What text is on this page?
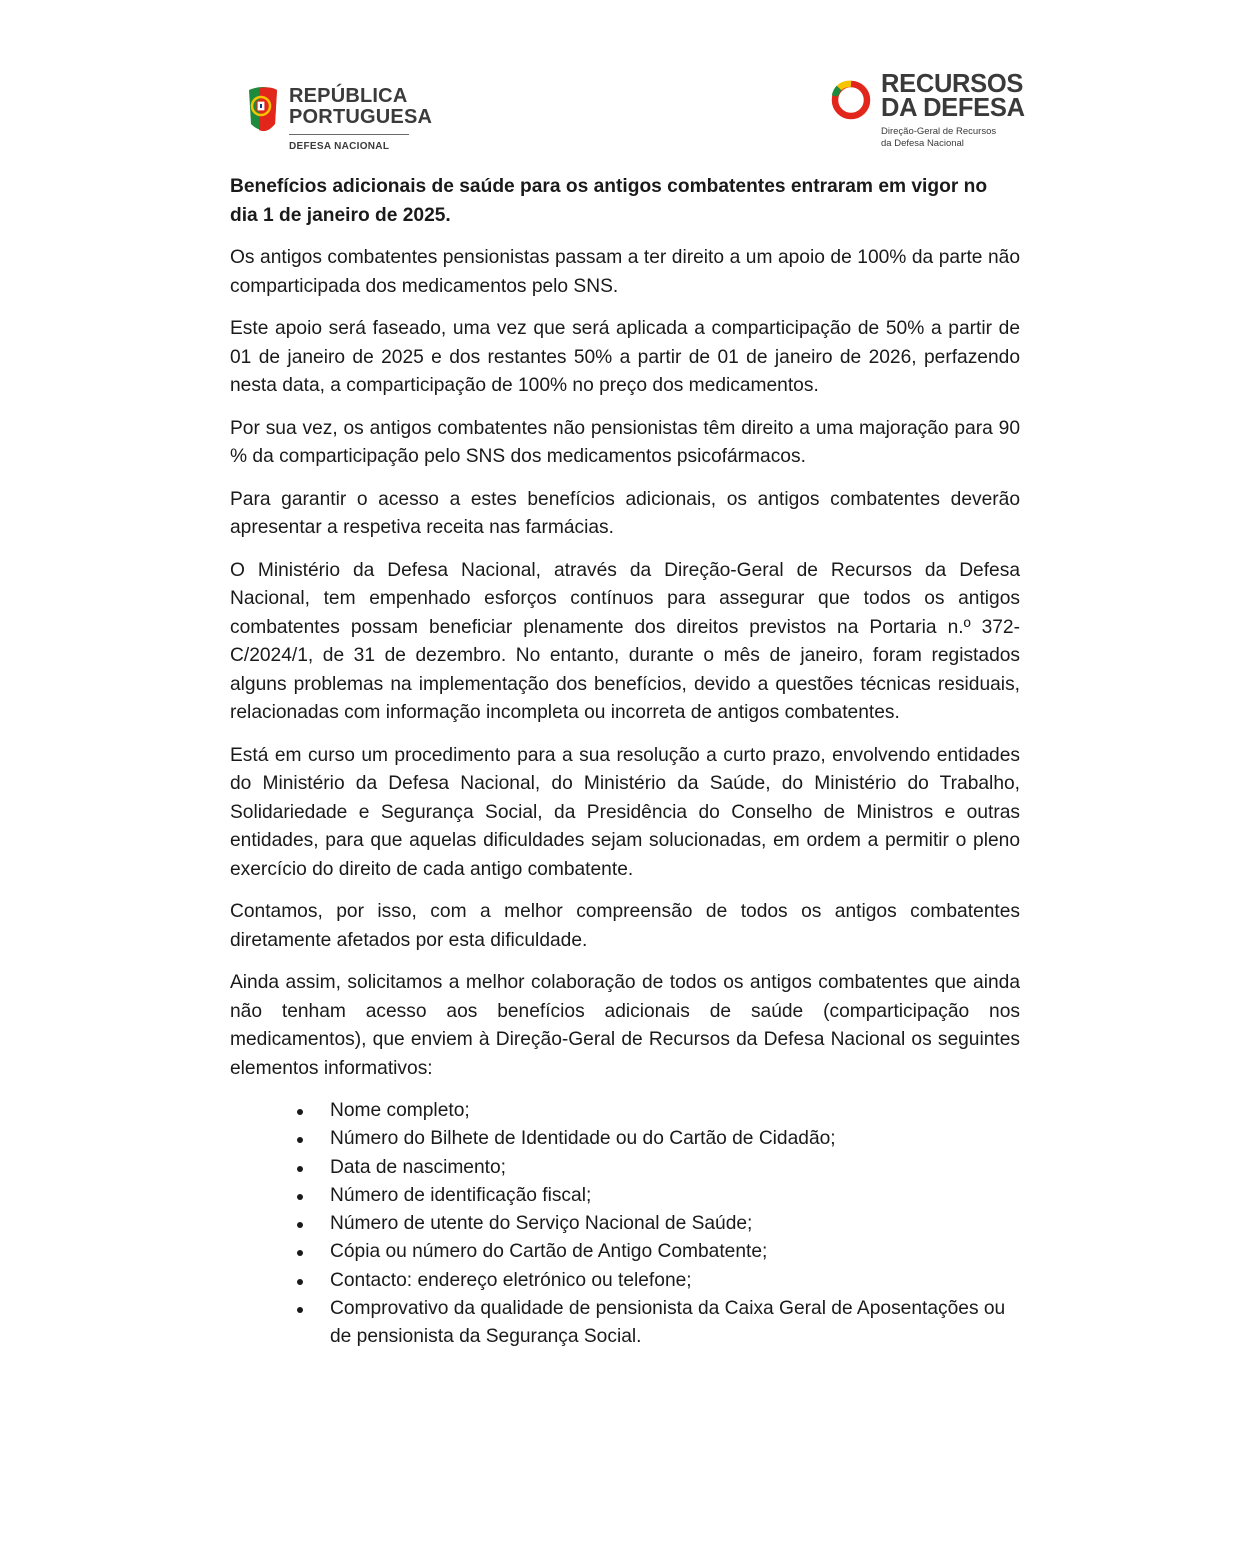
REPÚBLICA
PORTUGUESA
DEFESA NACIONAL
RECURSOS
DA DEFESA
Direção-Geral de Recursos
da Defesa Nacional

Benefícios adicionais de saúde para os antigos combatentes entraram em vigor no dia 1 de janeiro de 2025.

Os antigos combatentes pensionistas passam a ter direito a um apoio de 100% da parte não comparticipada dos medicamentos pelo SNS.

Este apoio será faseado, uma vez que será aplicada a comparticipação de 50% a partir de 01 de janeiro de 2025 e dos restantes 50% a partir de 01 de janeiro de 2026, perfazendo nesta data, a comparticipação de 100% no preço dos medicamentos.

Por sua vez, os antigos combatentes não pensionistas têm direito a uma majoração para 90 % da comparticipação pelo SNS dos medicamentos psicofármacos.

Para garantir o acesso a estes benefícios adicionais, os antigos combatentes deverão apresentar a respetiva receita nas farmácias.

O Ministério da Defesa Nacional, através da Direção-Geral de Recursos da Defesa Nacional, tem empenhado esforços contínuos para assegurar que todos os antigos combatentes possam beneficiar plenamente dos direitos previstos na Portaria n.º 372-C/2024/1, de 31 de dezembro. No entanto, durante o mês de janeiro, foram registados alguns problemas na implementação dos benefícios, devido a questões técnicas residuais, relacionadas com informação incompleta ou incorreta de antigos combatentes.

Está em curso um procedimento para a sua resolução a curto prazo, envolvendo entidades do Ministério da Defesa Nacional, do Ministério da Saúde, do Ministério do Trabalho, Solidariedade e Segurança Social, da Presidência do Conselho de Ministros e outras entidades, para que aquelas dificuldades sejam solucionadas, em ordem a permitir o pleno exercício do direito de cada antigo combatente.

Contamos, por isso, com a melhor compreensão de todos os antigos combatentes diretamente afetados por esta dificuldade.

Ainda assim, solicitamos a melhor colaboração de todos os antigos combatentes que ainda não tenham acesso aos benefícios adicionais de saúde (comparticipação nos medicamentos), que enviem à Direção-Geral de Recursos da Defesa Nacional os seguintes elementos informativos:

Nome completo;
Número do Bilhete de Identidade ou do Cartão de Cidadão;
Data de nascimento;
Número de identificação fiscal;
Número de utente do Serviço Nacional de Saúde;
Cópia ou número do Cartão de Antigo Combatente;
Contacto: endereço eletrónico ou telefone;
Comprovativo da qualidade de pensionista da Caixa Geral de Aposentações ou de pensionista da Segurança Social.
